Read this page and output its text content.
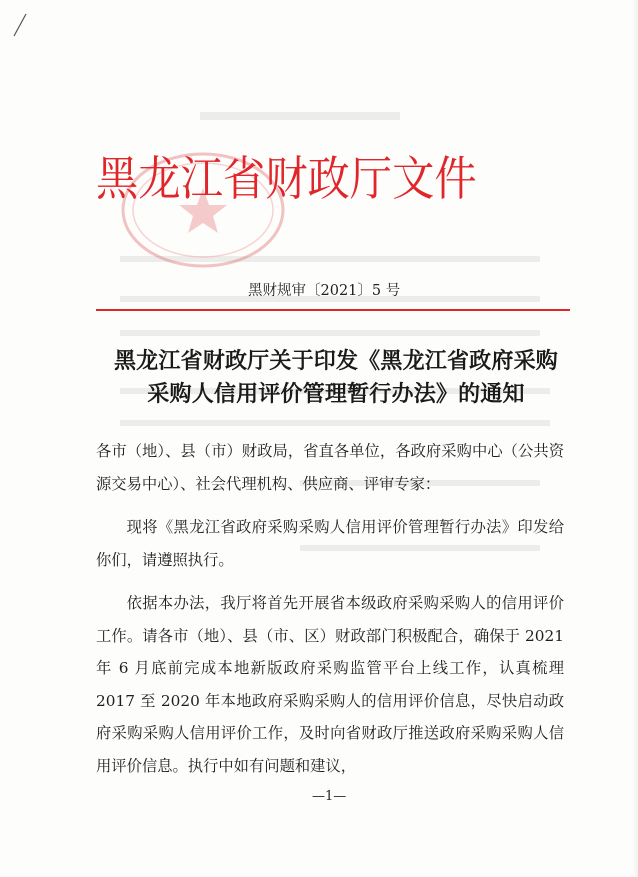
黑龙江省财政厅文件
黑财规审〔2021〕5 号
黑龙江省财政厅关于印发《黑龙江省政府采购
采购人信用评价管理暂行办法》的通知

各市（地）、县（市）财政局，省直各单位，各政府采购中心（公共资源交易中心）、社会代理机构、供应商、评审专家：

现将《黑龙江省政府采购采购人信用评价管理暂行办法》印发给你们，请遵照执行。

依据本办法，我厅将首先开展省本级政府采购采购人的信用评价工作。请各市（地）、县（市、区）财政部门积极配合，确保于 2021 年 6 月底前完成本地新版政府采购监管平台上线工作，认真梳理 2017 至 2020 年本地政府采购采购人的信用评价信息，尽快启动政府采购采购人信用评价工作，及时向省财政厅推送政府采购采购人信用评价信息。执行中如有问题和建议，

—1—
